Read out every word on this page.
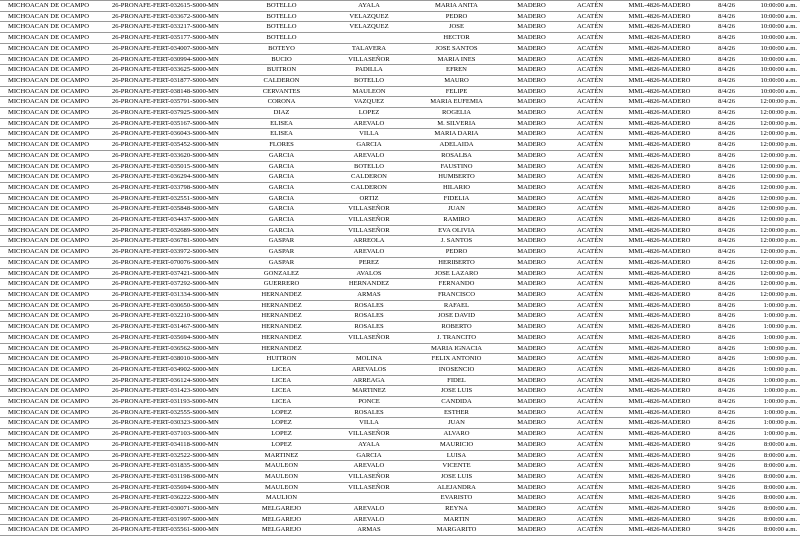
MICHOACAN DE OCAMPO	26-PRONAFE-FERT-032615-S000-MN	BOTELLO	AYALA	MARIA ANITA	MADERO	ACATÉN	MML-4826-MADERO	8/4/26	10:00:00 a.m.
MICHOACAN DE OCAMPO	26-PRONAFE-FERT-033672-S000-MN	BOTELLO	VELAZQUEZ	PEDRO	MADERO	ACATÉN	MML-4826-MADERO	8/4/26	10:00:00 a.m.
MICHOACAN DE OCAMPO	26-PRONAFE-FERT-033217-S000-MN	BOTELLO	VELAZQUEZ	JOSE	MADERO	ACATÉN	MML-4826-MADERO	8/4/26	10:00:00 a.m.
MICHOACAN DE OCAMPO	26-PRONAFE-FERT-035177-S000-MN	BOTELLO		HECTOR	MADERO	ACATÉN	MML-4826-MADERO	8/4/26	10:00:00 a.m.
MICHOACAN DE OCAMPO	26-PRONAFE-FERT-034007-S000-MN	BOTEYO	TALAVERA	JOSE SANTOS	MADERO	ACATÉN	MML-4826-MADERO	8/4/26	10:00:00 a.m.
MICHOACAN DE OCAMPO	26-PRONAFE-FERT-030994-S000-MN	BUCIO	VILLASEÑOR	MARIA INES	MADERO	ACATÉN	MML-4826-MADERO	8/4/26	10:00:00 a.m.
MICHOACAN DE OCAMPO	26-PRONAFE-FERT-033625-S000-MN	BUITRON	PADILLA	EFREN	MADERO	ACATÉN	MML-4826-MADERO	8/4/26	10:00:00 a.m.
MICHOACAN DE OCAMPO	26-PRONAFE-FERT-031877-S000-MN	CALDERON	BOTELLO	MAURO	MADERO	ACATÉN	MML-4826-MADERO	8/4/26	10:00:00 a.m.
MICHOACAN DE OCAMPO	26-PRONAFE-FERT-038148-S000-MN	CERVANTES	MAULEON	FELIPE	MADERO	ACATÉN	MML-4826-MADERO	8/4/26	10:00:00 a.m.
MICHOACAN DE OCAMPO	26-PRONAFE-FERT-035791-S000-MN	CORONA	VAZQUEZ	MARIA EUFEMIA	MADERO	ACATÉN	MML-4826-MADERO	8/4/26	12:00:00 p.m.
MICHOACAN DE OCAMPO	26-PRONAFE-FERT-037925-S000-MN	DIAZ	LOPEZ	ROGELIA	MADERO	ACATÉN	MML-4826-MADERO	8/4/26	12:00:00 p.m.
MICHOACAN DE OCAMPO	26-PRONAFE-FERT-035167-S000-MN	ELISEA	AREVALO	M. SILVERIA	MADERO	ACATÉN	MML-4826-MADERO	8/4/26	12:00:00 p.m.
MICHOACAN DE OCAMPO	26-PRONAFE-FERT-036043-S000-MN	ELISEA	VILLA	MARIA DARIA	MADERO	ACATÉN	MML-4826-MADERO	8/4/26	12:00:00 p.m.
MICHOACAN DE OCAMPO	26-PRONAFE-FERT-035452-S000-MN	FLORES	GARCIA	ADELAIDA	MADERO	ACATÉN	MML-4826-MADERO	8/4/26	12:00:00 p.m.
MICHOACAN DE OCAMPO	26-PRONAFE-FERT-033620-S000-MN	GARCIA	AREVALO	ROSALBA	MADERO	ACATÉN	MML-4826-MADERO	8/4/26	12:00:00 p.m.
MICHOACAN DE OCAMPO	26-PRONAFE-FERT-035015-S000-MN	GARCIA	BOTELLO	FAUSTINO	MADERO	ACATÉN	MML-4826-MADERO	8/4/26	12:00:00 p.m.
MICHOACAN DE OCAMPO	26-PRONAFE-FERT-036294-S000-MN	GARCIA	CALDERON	HUMBERTO	MADERO	ACATÉN	MML-4826-MADERO	8/4/26	12:00:00 p.m.
MICHOACAN DE OCAMPO	26-PRONAFE-FERT-033798-S000-MN	GARCIA	CALDERON	HILARIO	MADERO	ACATÉN	MML-4826-MADERO	8/4/26	12:00:00 p.m.
MICHOACAN DE OCAMPO	26-PRONAFE-FERT-032551-S000-MN	GARCIA	ORTIZ	FIDELIA	MADERO	ACATÉN	MML-4826-MADERO	8/4/26	12:00:00 p.m.
MICHOACAN DE OCAMPO	26-PRONAFE-FERT-035848-S000-MN	GARCIA	VILLASEÑOR	JUAN	MADERO	ACATÉN	MML-4826-MADERO	8/4/26	12:00:00 p.m.
MICHOACAN DE OCAMPO	26-PRONAFE-FERT-034437-S000-MN	GARCIA	VILLASEÑOR	RAMIRO	MADERO	ACATÉN	MML-4826-MADERO	8/4/26	12:00:00 p.m.
MICHOACAN DE OCAMPO	26-PRONAFE-FERT-032689-S000-MN	GARCIA	VILLASEÑOR	EVA OLIVIA	MADERO	ACATÉN	MML-4826-MADERO	8/4/26	12:00:00 p.m.
MICHOACAN DE OCAMPO	26-PRONAFE-FERT-036781-S000-MN	GASPAR	ARREOLA	J. SANTOS	MADERO	ACATÉN	MML-4826-MADERO	8/4/26	12:00:00 p.m.
MICHOACAN DE OCAMPO	26-PRONAFE-FERT-033972-S000-MN	GASPAR	AREVALO	PEDRO	MADERO	ACATÉN	MML-4826-MADERO	8/4/26	12:00:00 p.m.
MICHOACAN DE OCAMPO	26-PRONAFE-FERT-070076-S000-MN	GASPAR	PEREZ	HERIBERTO	MADERO	ACATÉN	MML-4826-MADERO	8/4/26	12:00:00 p.m.
MICHOACAN DE OCAMPO	26-PRONAFE-FERT-037421-S000-MN	GONZALEZ	AVALOS	JOSE LAZARO	MADERO	ACATÉN	MML-4826-MADERO	8/4/26	12:00:00 p.m.
MICHOACAN DE OCAMPO	26-PRONAFE-FERT-037292-S000-MN	GUERRERO	HERNANDEZ	FERNANDO	MADERO	ACATÉN	MML-4826-MADERO	8/4/26	12:00:00 p.m.
MICHOACAN DE OCAMPO	26-PRONAFE-FERT-031334-S000-MN	HERNANDEZ	ARMAS	FRANCISCO	MADERO	ACATÉN	MML-4826-MADERO	8/4/26	12:00:00 p.m.
MICHOACAN DE OCAMPO	26-PRONAFE-FERT-030650-S000-MN	HERNANDEZ	ROSALES	RAFAEL	MADERO	ACATÉN	MML-4826-MADERO	8/4/26	1:00:00 p.m.
MICHOACAN DE OCAMPO	26-PRONAFE-FERT-032210-S000-MN	HERNANDEZ	ROSALES	JOSE DAVID	MADERO	ACATÉN	MML-4826-MADERO	8/4/26	1:00:00 p.m.
MICHOACAN DE OCAMPO	26-PRONAFE-FERT-031467-S000-MN	HERNANDEZ	ROSALES	ROBERTO	MADERO	ACATÉN	MML-4826-MADERO	8/4/26	1:00:00 p.m.
MICHOACAN DE OCAMPO	26-PRONAFE-FERT-035694-S000-MN	HERNANDEZ	VILLASEÑOR	J. TRANCITO	MADERO	ACATÉN	MML-4826-MADERO	8/4/26	1:00:00 p.m.
MICHOACAN DE OCAMPO	26-PRONAFE-FERT-036562-S000-MN	HERNANDEZ		MARIA IGNACIA	MADERO	ACATÉN	MML-4826-MADERO	8/4/26	1:00:00 p.m.
MICHOACAN DE OCAMPO	26-PRONAFE-FERT-038010-S000-MN	HUITRON	MOLINA	FELIX ANTONIO	MADERO	ACATÉN	MML-4826-MADERO	8/4/26	1:00:00 p.m.
MICHOACAN DE OCAMPO	26-PRONAFE-FERT-034902-S000-MN	LICEA	AREVALOS	INOSENCIO	MADERO	ACATÉN	MML-4826-MADERO	8/4/26	1:00:00 p.m.
MICHOACAN DE OCAMPO	26-PRONAFE-FERT-036124-S000-MN	LICEA	ARREAGA	FIDEL	MADERO	ACATÉN	MML-4826-MADERO	8/4/26	1:00:00 p.m.
MICHOACAN DE OCAMPO	26-PRONAFE-FERT-031423-S000-MN	LICEA	MARTINEZ	JOSE LUIS	MADERO	ACATÉN	MML-4826-MADERO	8/4/26	1:00:00 p.m.
MICHOACAN DE OCAMPO	26-PRONAFE-FERT-031193-S000-MN	LICEA	PONCE	CANDIDA	MADERO	ACATÉN	MML-4826-MADERO	8/4/26	1:00:00 p.m.
MICHOACAN DE OCAMPO	26-PRONAFE-FERT-032555-S000-MN	LOPEZ	ROSALES	ESTHER	MADERO	ACATÉN	MML-4826-MADERO	8/4/26	1:00:00 p.m.
MICHOACAN DE OCAMPO	26-PRONAFE-FERT-030323-S000-MN	LOPEZ	VILLA	JUAN	MADERO	ACATÉN	MML-4826-MADERO	8/4/26	1:00:00 p.m.
MICHOACAN DE OCAMPO	26-PRONAFE-FERT-037103-S000-MN	LOPEZ	VILLASEÑOR	ALVARO	MADERO	ACATÉN	MML-4826-MADERO	8/4/26	1:00:00 p.m.
MICHOACAN DE OCAMPO	26-PRONAFE-FERT-034118-S000-MN	LOPEZ	AYALA	MAURICIO	MADERO	ACATÉN	MML-4826-MADERO	9/4/26	8:00:00 a.m.
MICHOACAN DE OCAMPO	26-PRONAFE-FERT-032522-S000-MN	MARTINEZ	GARCIA	LUISA	MADERO	ACATÉN	MML-4826-MADERO	9/4/26	8:00:00 a.m.
MICHOACAN DE OCAMPO	26-PRONAFE-FERT-031835-S000-MN	MAULEON	AREVALO	VICENTE	MADERO	ACATÉN	MML-4826-MADERO	9/4/26	8:00:00 a.m.
MICHOACAN DE OCAMPO	26-PRONAFE-FERT-031198-S000-MN	MAULEON	VILLASEÑOR	JOSE LUIS	MADERO	ACATÉN	MML-4826-MADERO	9/4/26	8:00:00 a.m.
MICHOACAN DE OCAMPO	26-PRONAFE-FERT-035694-S000-MN	MAULEON	VILLASEÑOR	ALEJANDRA	MADERO	ACATÉN	MML-4826-MADERO	9/4/26	8:00:00 a.m.
MICHOACAN DE OCAMPO	26-PRONAFE-FERT-036222-S000-MN	MAULION		EVARISTO	MADERO	ACATÉN	MML-4826-MADERO	9/4/26	8:00:00 a.m.
MICHOACAN DE OCAMPO	26-PRONAFE-FERT-030071-S000-MN	MELGAREJO	AREVALO	REYNA	MADERO	ACATÉN	MML-4826-MADERO	9/4/26	8:00:00 a.m.
MICHOACAN DE OCAMPO	26-PRONAFE-FERT-031997-S000-MN	MELGAREJO	AREVALO	MARTIN	MADERO	ACATÉN	MML-4826-MADERO	9/4/26	8:00:00 a.m.
MICHOACAN DE OCAMPO	26-PRONAFE-FERT-035561-S000-MN	MELGAREJO	ARMAS	MARGARITO	MADERO	ACATÉN	MML-4826-MADERO	9/4/26	8:00:00 a.m.
